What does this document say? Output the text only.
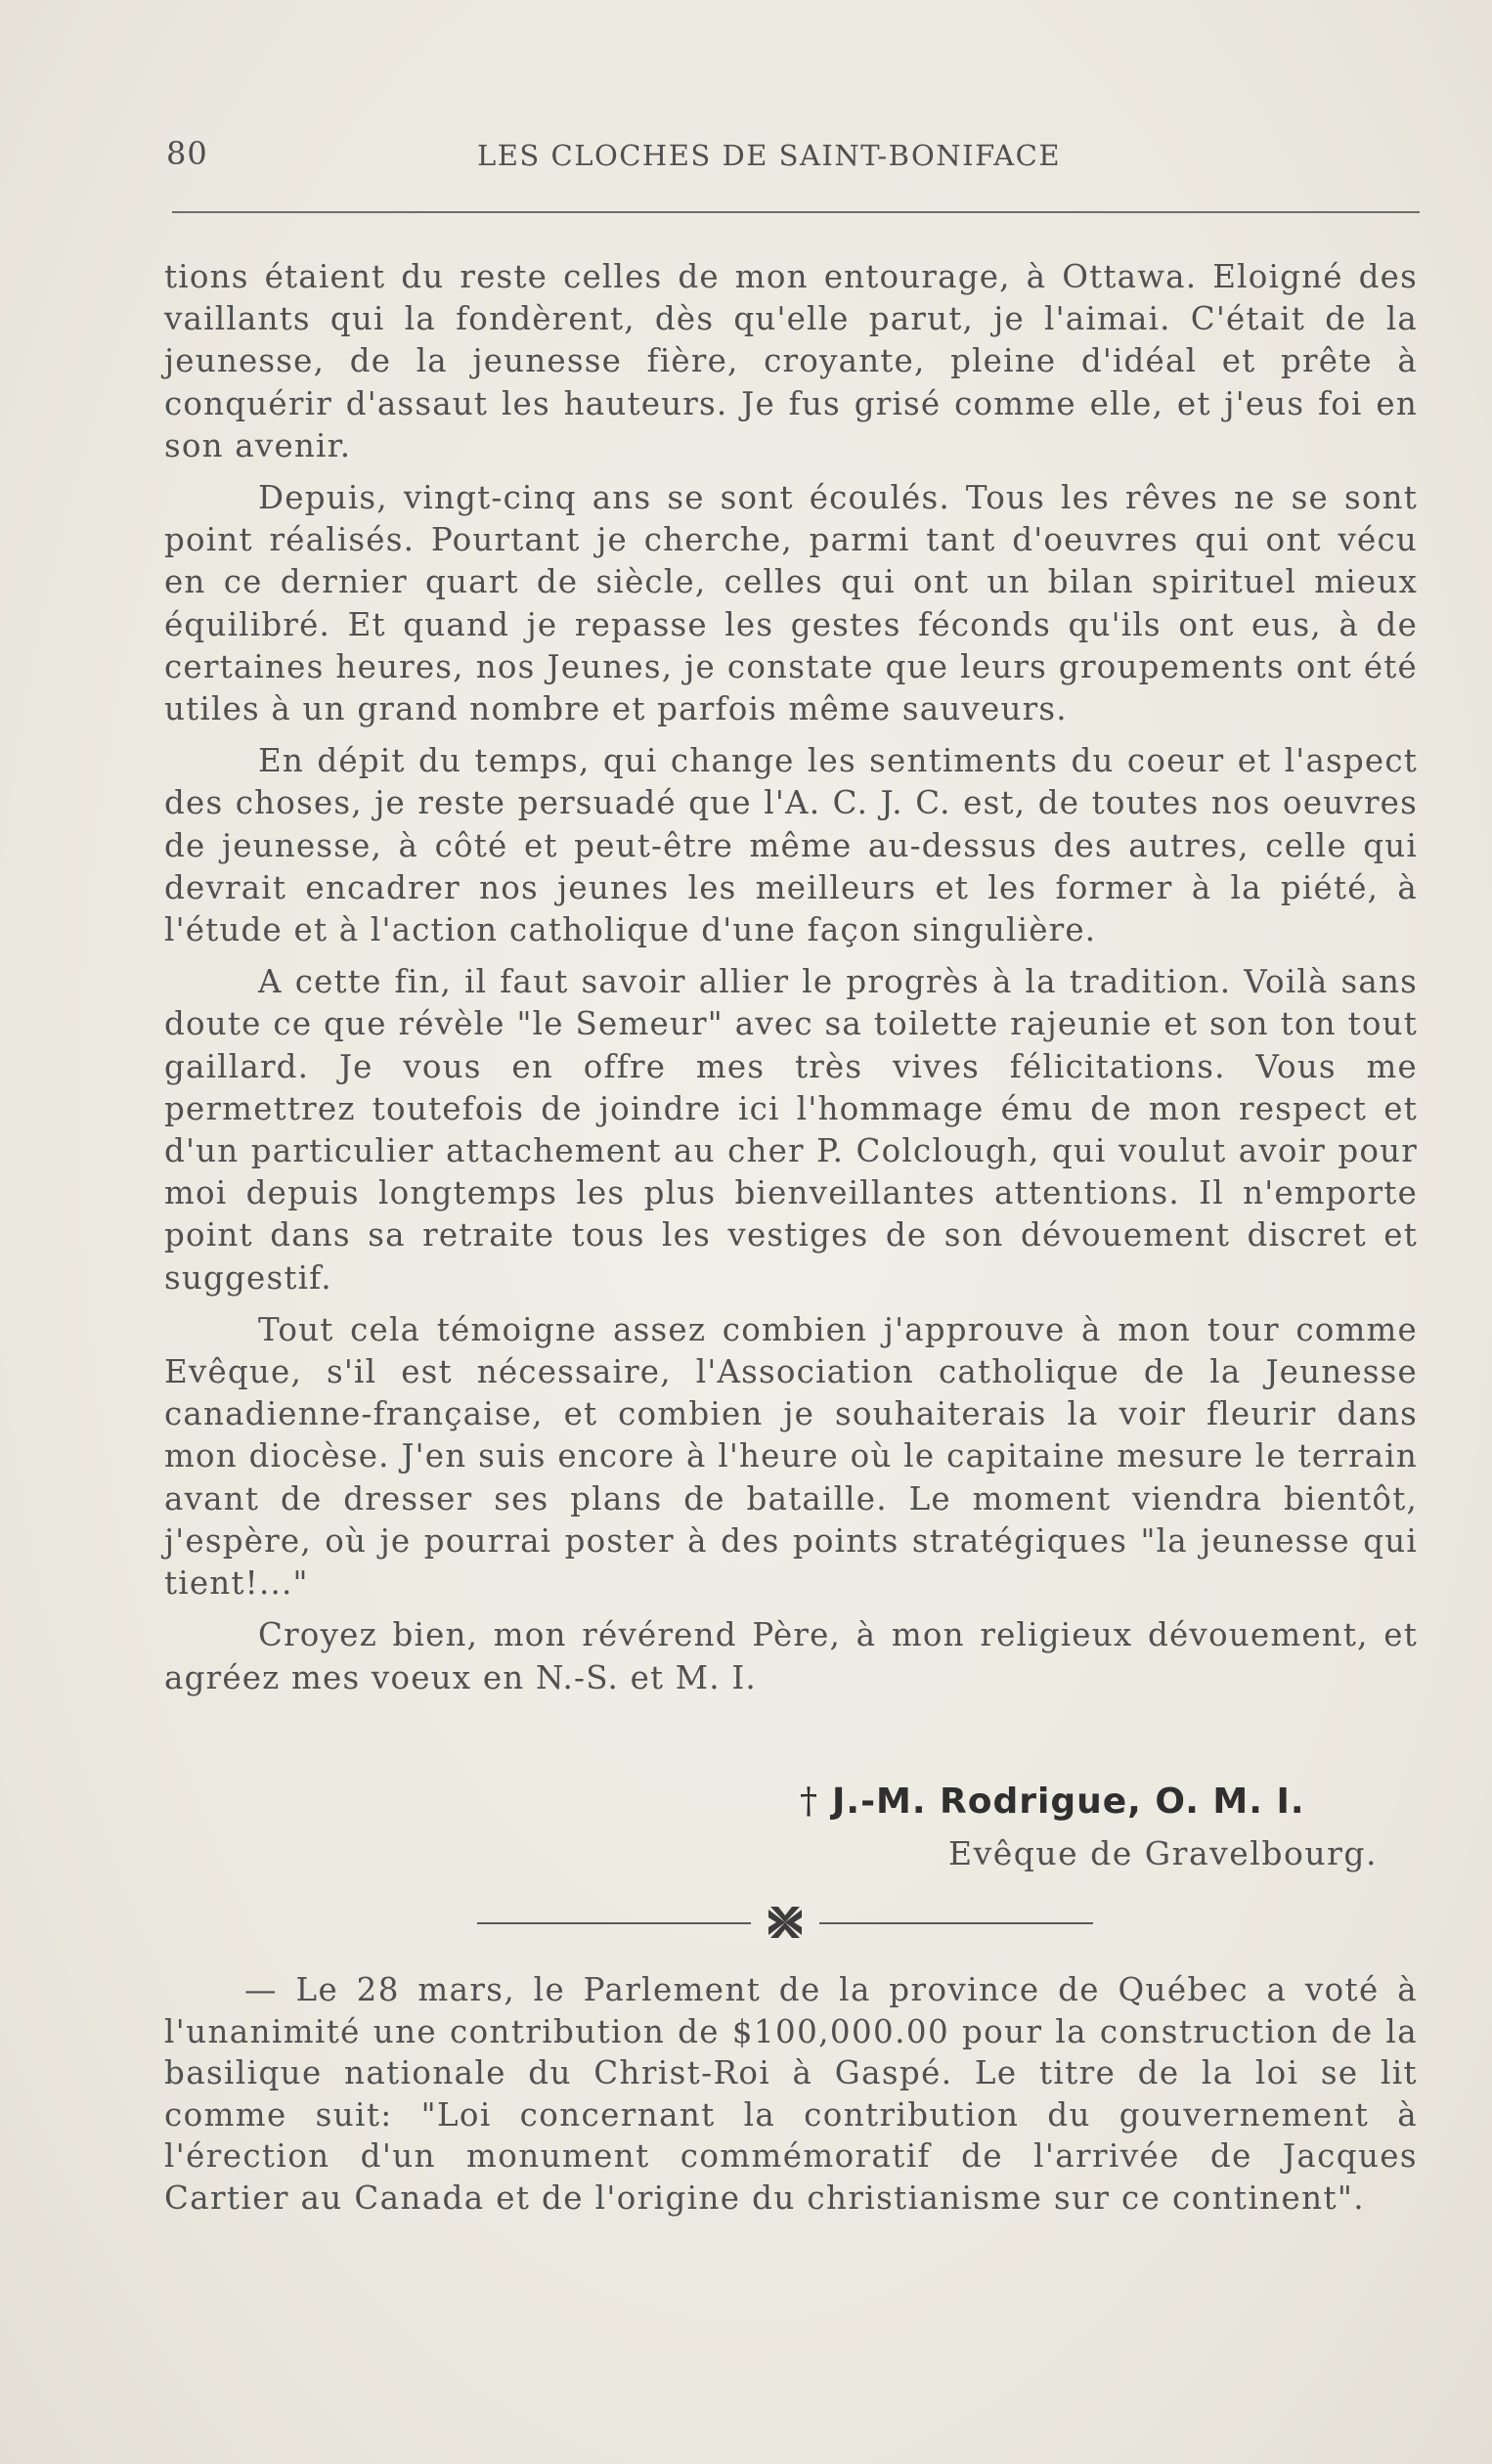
80	LES CLOCHES DE SAINT-BONIFACE

tions étaient du reste celles de mon entourage, à Ottawa. Eloigné des vaillants qui la fondèrent, dès qu'elle parut, je l'aimai. C'était de la jeunesse, de la jeunesse fière, croyante, pleine d'idéal et prête à conquérir d'assaut les hauteurs. Je fus grisé comme elle, et j'eus foi en son avenir.

Depuis, vingt-cinq ans se sont écoulés. Tous les rêves ne se sont point réalisés. Pourtant je cherche, parmi tant d'oeuvres qui ont vécu en ce dernier quart de siècle, celles qui ont un bilan spirituel mieux équilibré. Et quand je repasse les gestes féconds qu'ils ont eus, à de certaines heures, nos Jeunes, je constate que leurs groupements ont été utiles à un grand nombre et parfois même sauveurs.

En dépit du temps, qui change les sentiments du coeur et l'aspect des choses, je reste persuadé que l'A. C. J. C. est, de toutes nos oeuvres de jeunesse, à côté et peut-être même au-dessus des autres, celle qui devrait encadrer nos jeunes les meilleurs et les former à la piété, à l'étude et à l'action catholique d'une façon singulière.

A cette fin, il faut savoir allier le progrès à la tradition. Voilà sans doute ce que révèle "le Semeur" avec sa toilette rajeunie et son ton tout gaillard. Je vous en offre mes très vives félicitations. Vous me permettrez toutefois de joindre ici l'hommage ému de mon respect et d'un particulier attachement au cher P. Colclough, qui voulut avoir pour moi depuis longtemps les plus bienveillantes attentions. Il n'emporte point dans sa retraite tous les vestiges de son dévouement discret et suggestif.

Tout cela témoigne assez combien j'approuve à mon tour comme Evêque, s'il est nécessaire, l'Association catholique de la Jeunesse canadienne-française, et combien je souhaiterais la voir fleurir dans mon diocèse. J'en suis encore à l'heure où le capitaine mesure le terrain avant de dresser ses plans de bataille. Le moment viendra bientôt, j'espère, où je pourrai poster à des points stratégiques "la jeunesse qui tient!..."

Croyez bien, mon révérend Père, à mon religieux dévouement, et agréez mes voeux en N.-S. et M. I.

† J.-M. Rodrigue, O. M. I.
Evêque de Gravelbourg.

— Le 28 mars, le Parlement de la province de Québec a voté à l'unanimité une contribution de $100,000.00 pour la construction de la basilique nationale du Christ-Roi à Gaspé. Le titre de la loi se lit comme suit: "Loi concernant la contribution du gouvernement à l'érection d'un monument commémoratif de l'arrivée de Jacques Cartier au Canada et de l'origine du christianisme sur ce continent".
